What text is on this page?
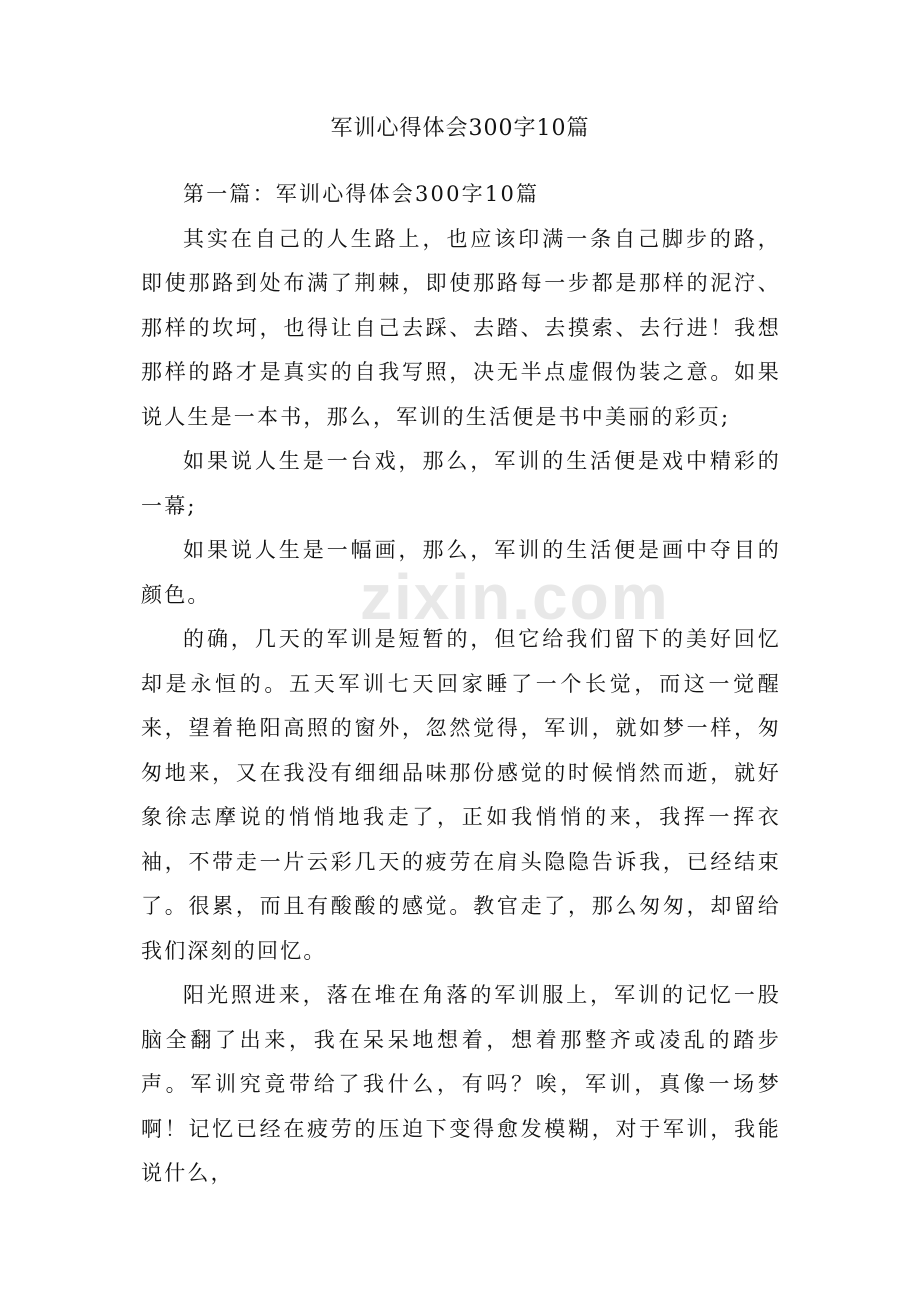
zixin.com
军训心得体会300字10篇

第一篇：军训心得体会300字10篇

其实在自己的人生路上，也应该印满一条自己脚步的路，即使那路到处布满了荆棘，即使那路每一步都是那样的泥泞、那样的坎坷，也得让自己去踩、去踏、去摸索、去行进！我想那样的路才是真实的自我写照，决无半点虚假伪装之意。如果说人生是一本书，那么，军训的生活便是书中美丽的彩页;

如果说人生是一台戏，那么，军训的生活便是戏中精彩的一幕;

如果说人生是一幅画，那么，军训的生活便是画中夺目的颜色。

的确，几天的军训是短暂的，但它给我们留下的美好回忆却是永恒的。五天军训七天回家睡了一个长觉，而这一觉醒来，望着艳阳高照的窗外，忽然觉得，军训，就如梦一样，匆匆地来，又在我没有细细品味那份感觉的时候悄然而逝，就好象徐志摩说的悄悄地我走了，正如我悄悄的来，我挥一挥衣袖，不带走一片云彩几天的疲劳在肩头隐隐告诉我，已经结束了。很累，而且有酸酸的感觉。教官走了，那么匆匆，却留给我们深刻的回忆。

阳光照进来，落在堆在角落的军训服上，军训的记忆一股脑全翻了出来，我在呆呆地想着，想着那整齐或凌乱的踏步声。军训究竟带给了我什么，有吗？唉，军训，真像一场梦啊！记忆已经在疲劳的压迫下变得愈发模糊，对于军训，我能说什么，
